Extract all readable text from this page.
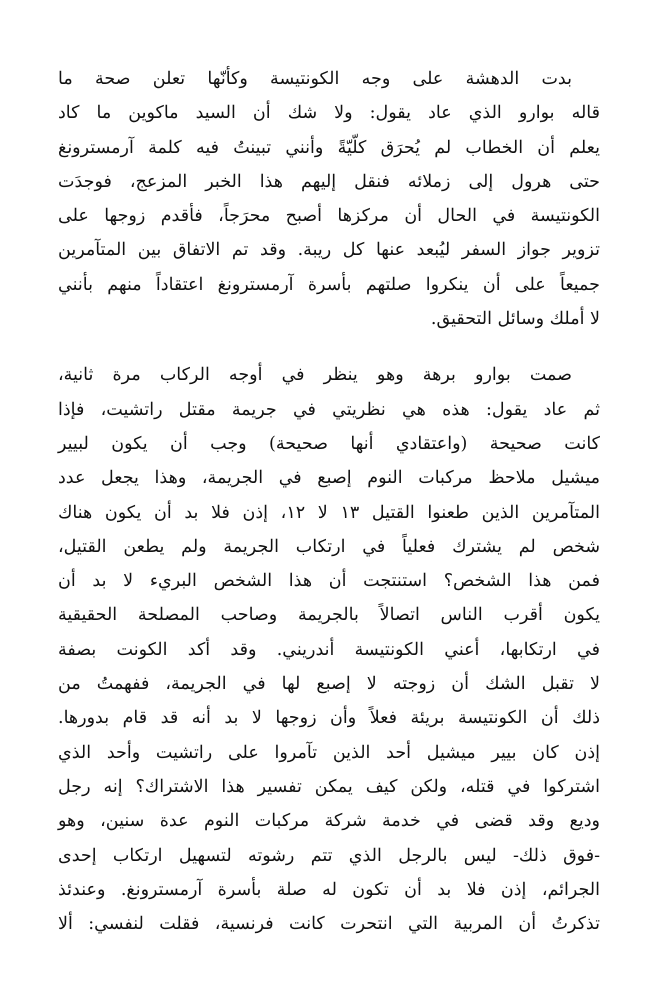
بدت الدهشة على وجه الكونتيسة وكأنّها تعلن صحة ما
قاله بوارو الذي عاد يقول: ولا شك أن السيد ماكوين ما كاد
يعلم أن الخطاب لم يُحرَق كلّيّةً وأنني تبينتُ فيه كلمة آرمسترونغ
حتى هرول إلى زملائه فنقل إليهم هذا الخبر المزعج، فوجدَت
الكونتيسة في الحال أن مركزها أصبح محرَجاً، فأقدم زوجها على
تزوير جواز السفر ليُبعد عنها كل ريبة. وقد تم الاتفاق بين المتآمرين
جميعاً على أن ينكروا صلتهم بأسرة آرمسترونغ اعتقاداً منهم بأنني
لا أملك وسائل التحقيق.
صمت بوارو برهة وهو ينظر في أوجه الركاب مرة ثانية،
ثم عاد يقول: هذه هي نظريتي في جريمة مقتل راتشيت، فإذا
كانت صحيحة (واعتقادي أنها صحيحة) وجب أن يكون لبيير
ميشيل ملاحظ مركبات النوم إصبع في الجريمة، وهذا يجعل عدد
المتآمرين الذين طعنوا القتيل ١٣ لا ١٢، إذن فلا بد أن يكون هناك
شخص لم يشترك فعلياً في ارتكاب الجريمة ولم يطعن القتيل،
فمن هذا الشخص؟ استنتجت أن هذا الشخص البريء لا بد أن
يكون أقرب الناس اتصالاً بالجريمة وصاحب المصلحة الحقيقية
في ارتكابها، أعني الكونتيسة أندريني. وقد أكد الكونت بصفة
لا تقبل الشك أن زوجته لا إصبع لها في الجريمة، ففهمتُ من
ذلك أن الكونتيسة بريئة فعلاً وأن زوجها لا بد أنه قد قام بدورها.
إذن كان بيير ميشيل أحد الذين تآمروا على راتشيت وأحد الذي
اشتركوا في قتله، ولكن كيف يمكن تفسير هذا الاشتراك؟ إنه رجل
وديع وقد قضى في خدمة شركة مركبات النوم عدة سنين، وهو
-فوق ذلك- ليس بالرجل الذي تتم رشوته لتسهيل ارتكاب إحدى
الجرائم، إذن فلا بد أن تكون له صلة بأسرة آرمسترونغ. وعندئذ
تذكرتُ أن المربية التي انتحرت كانت فرنسية، فقلت لنفسي: ألا
